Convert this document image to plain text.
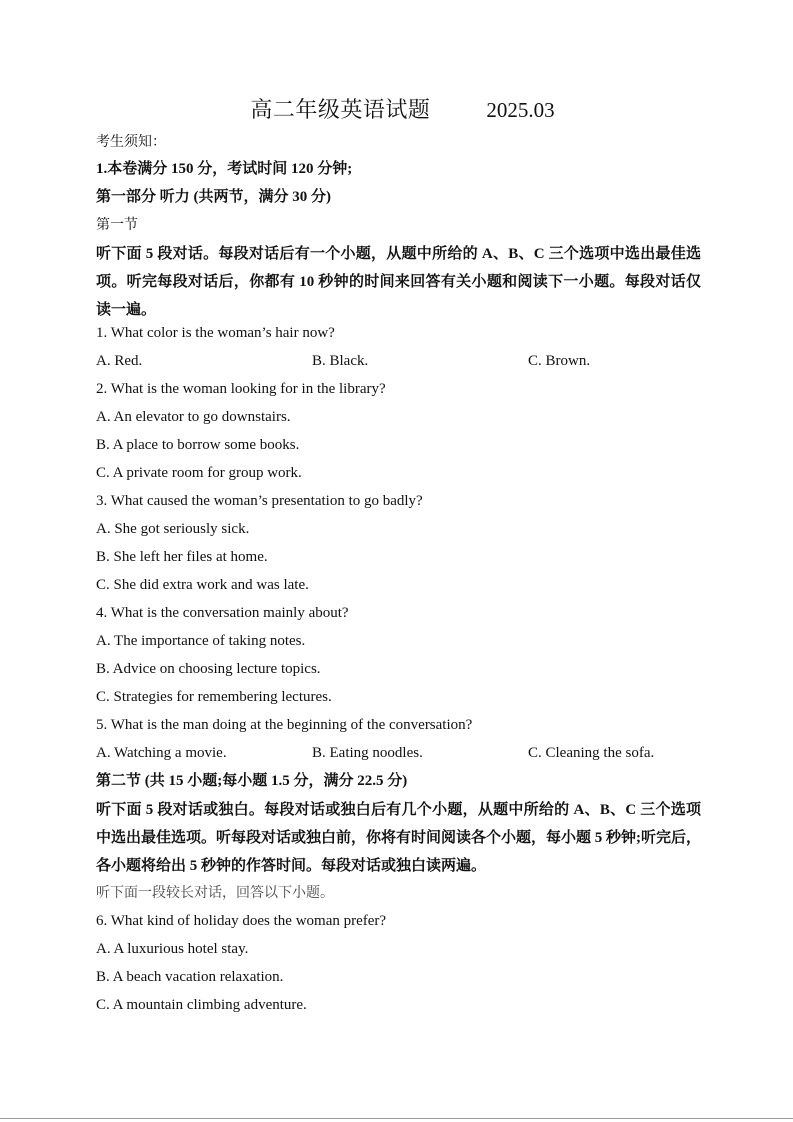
高二年级英语试题	2025.03
考生须知：
1.本卷满分 150 分，考试时间 120 分钟;
第一部分 听力 (共两节，满分 30 分)
第一节
听下面 5 段对话。每段对话后有一个小题，从题中所给的 A、B、C 三个选项中选出最佳选项。听完每段对话后，你都有 10 秒钟的时间来回答有关小题和阅读下一小题。每段对话仅读一遍。
1. What color is the woman’s hair now?
A. Red.	B. Black.	C. Brown.
2. What is the woman looking for in the library?
A. An elevator to go downstairs.
B. A place to borrow some books.
C. A private room for group work.
3. What caused the woman’s presentation to go badly?
A. She got seriously sick.
B. She left her files at home.
C. She did extra work and was late.
4. What is the conversation mainly about?
A. The importance of taking notes.
B. Advice on choosing lecture topics.
C. Strategies for remembering lectures.
5. What is the man doing at the beginning of the conversation?
A. Watching a movie.	B. Eating noodles.	C. Cleaning the sofa.
第二节 (共 15 小题;每小题 1.5 分，满分 22.5 分)
听下面 5 段对话或独白。每段对话或独白后有几个小题，从题中所给的 A、B、C 三个选项中选出最佳选项。听每段对话或独白前，你将有时间阅读各个小题，每小题 5 秒钟;听完后，各小题将给出 5 秒钟的作答时间。每段对话或独白读两遍。
听下面一段较长对话，回答以下小题。
6. What kind of holiday does the woman prefer?
A. A luxurious hotel stay.
B. A beach vacation relaxation.
C. A mountain climbing adventure.
